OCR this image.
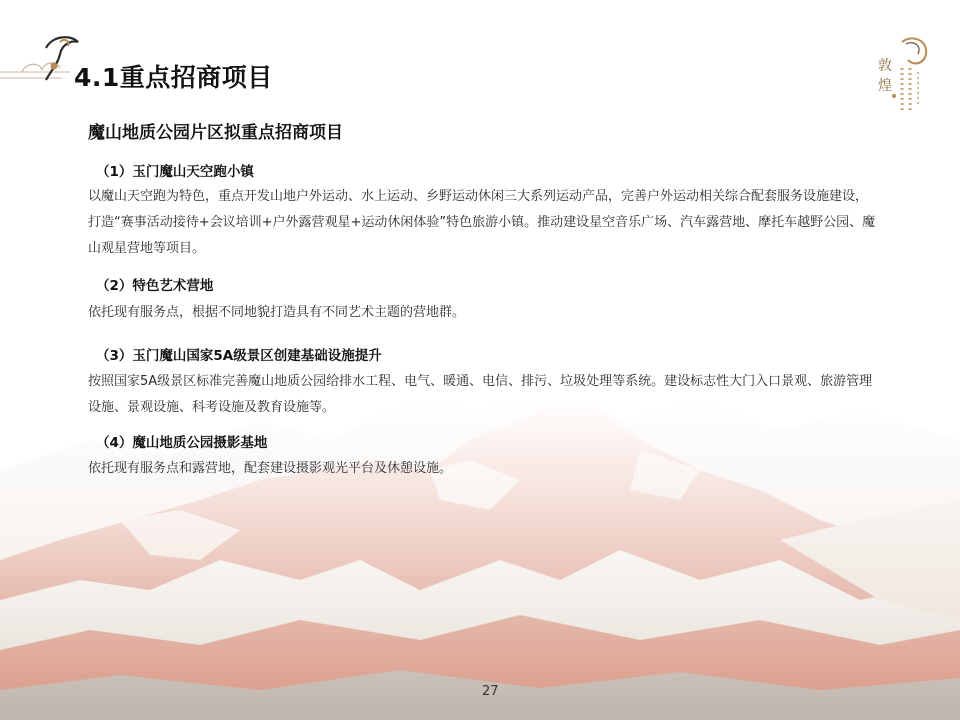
4.1重点招商项目	敦
煌
魔山地质公园片区拟重点招商项目
（1）玉门魔山天空跑小镇

以魔山天空跑为特色，重点开发山地户外运动、水上运动、乡野运动休闲三大系列运动产品，完善户外运动相关综合配套服务设施建设，打造“赛事活动接待+会议培训+户外露营观星+运动休闲体验”特色旅游小镇。推动建设星空音乐广场、汽车露营地、摩托车越野公园、魔山观星营地等项目。

（2）特色艺术营地

依托现有服务点，根据不同地貌打造具有不同艺术主题的营地群。

（3）玉门魔山国家5A级景区创建基础设施提升

按照国家5A级景区标准完善魔山地质公园给排水工程、电气、暖通、电信、排污、垃圾处理等系统。建设标志性大门入口景观、旅游管理设施、景观设施、科考设施及教育设施等。

（4）魔山地质公园摄影基地

依托现有服务点和露营地，配套建设摄影观光平台及休憩设施。

27
